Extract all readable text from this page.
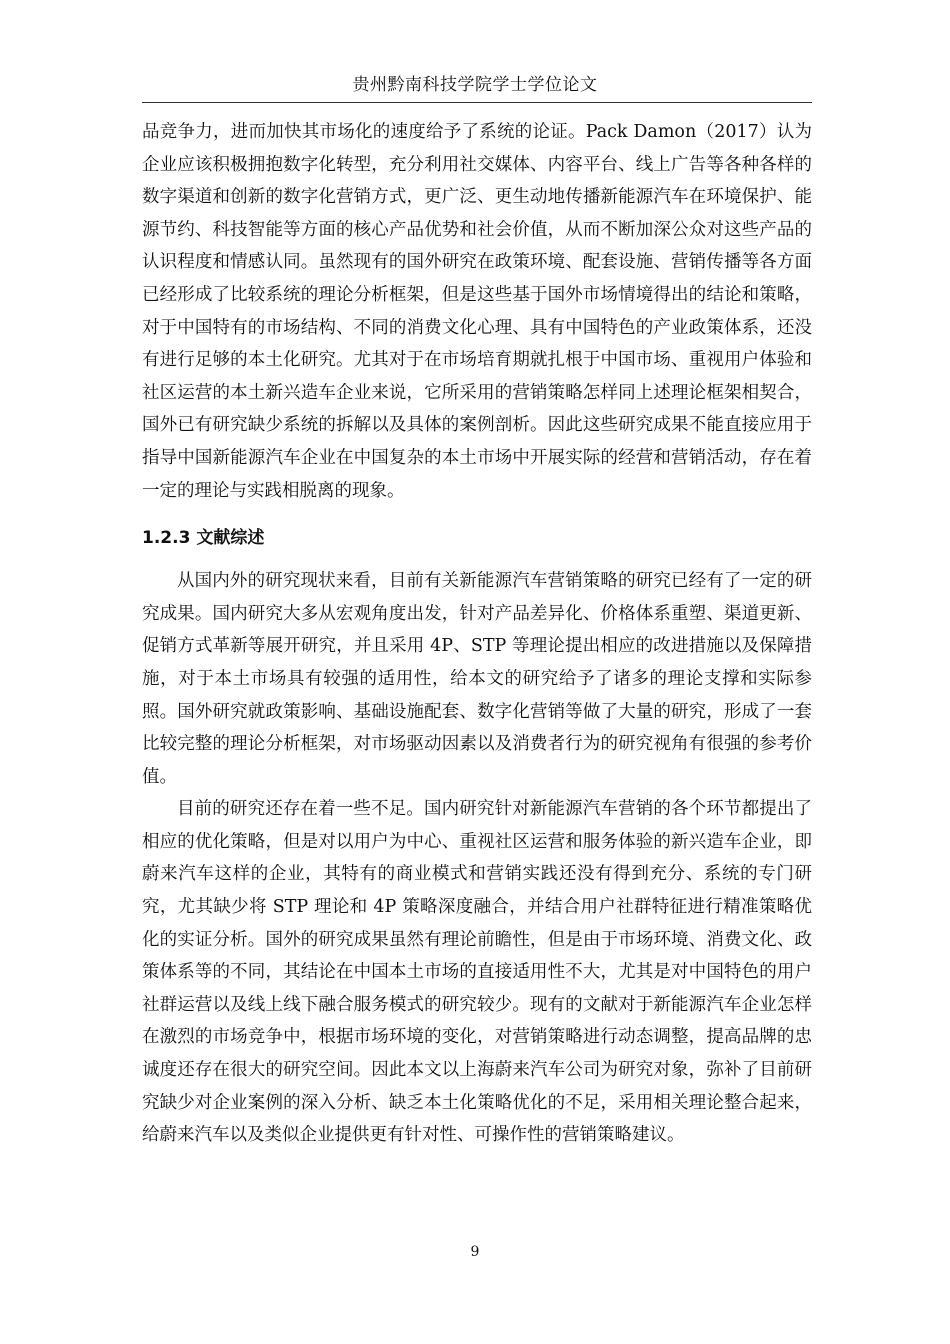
贵州黔南科技学院学士学位论文

品竞争力，进而加快其市场化的速度给予了系统的论证。Pack Damon（2017）认为企业应该积极拥抱数字化转型，充分利用社交媒体、内容平台、线上广告等各种各样的数字渠道和创新的数字化营销方式，更广泛、更生动地传播新能源汽车在环境保护、能源节约、科技智能等方面的核心产品优势和社会价值，从而不断加深公众对这些产品的认识程度和情感认同。虽然现有的国外研究在政策环境、配套设施、营销传播等各方面已经形成了比较系统的理论分析框架，但是这些基于国外市场情境得出的结论和策略，对于中国特有的市场结构、不同的消费文化心理、具有中国特色的产业政策体系，还没有进行足够的本土化研究。尤其对于在市场培育期就扎根于中国市场、重视用户体验和社区运营的本土新兴造车企业来说，它所采用的营销策略怎样同上述理论框架相契合，国外已有研究缺少系统的拆解以及具体的案例剖析。因此这些研究成果不能直接应用于指导中国新能源汽车企业在中国复杂的本土市场中开展实际的经营和营销活动，存在着一定的理论与实践相脱离的现象。

1.2.3 文献综述

从国内外的研究现状来看，目前有关新能源汽车营销策略的研究已经有了一定的研究成果。国内研究大多从宏观角度出发，针对产品差异化、价格体系重塑、渠道更新、促销方式革新等展开研究，并且采用 4P、STP 等理论提出相应的改进措施以及保障措施，对于本土市场具有较强的适用性，给本文的研究给予了诸多的理论支撑和实际参照。国外研究就政策影响、基础设施配套、数字化营销等做了大量的研究，形成了一套比较完整的理论分析框架，对市场驱动因素以及消费者行为的研究视角有很强的参考价值。

目前的研究还存在着一些不足。国内研究针对新能源汽车营销的各个环节都提出了相应的优化策略，但是对以用户为中心、重视社区运营和服务体验的新兴造车企业，即蔚来汽车这样的企业，其特有的商业模式和营销实践还没有得到充分、系统的专门研究，尤其缺少将 STP 理论和 4P 策略深度融合，并结合用户社群特征进行精准策略优化的实证分析。国外的研究成果虽然有理论前瞻性，但是由于市场环境、消费文化、政策体系等的不同，其结论在中国本土市场的直接适用性不大，尤其是对中国特色的用户社群运营以及线上线下融合服务模式的研究较少。现有的文献对于新能源汽车企业怎样在激烈的市场竞争中，根据市场环境的变化，对营销策略进行动态调整，提高品牌的忠诚度还存在很大的研究空间。因此本文以上海蔚来汽车公司为研究对象，弥补了目前研究缺少对企业案例的深入分析、缺乏本土化策略优化的不足，采用相关理论整合起来，给蔚来汽车以及类似企业提供更有针对性、可操作性的营销策略建议。

9
